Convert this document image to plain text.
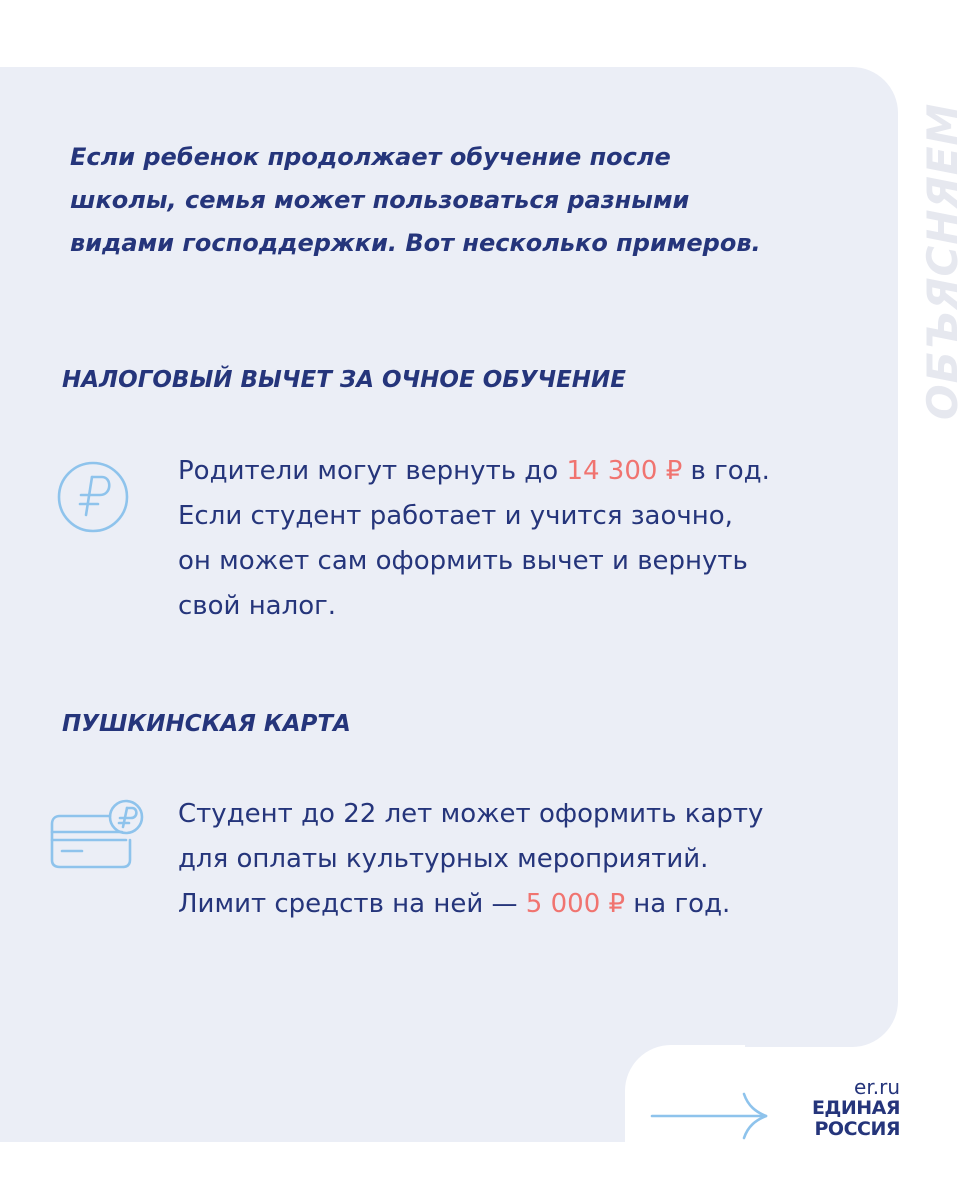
ОБЪЯСНЯЕМ
Если ребенок продолжает обучение после
школы, семья может пользоваться разными
видами господдержки. Вот несколько примеров.
НАЛОГОВЫЙ ВЫЧЕТ ЗА ОЧНОЕ ОБУЧЕНИЕ
Родители могут вернуть до 14 300 ₽ в год.
Если студент работает и учится заочно,
он может сам оформить вычет и вернуть
свой налог.
ПУШКИНСКАЯ КАРТА
Студент до 22 лет может оформить карту
для оплаты культурных мероприятий.
Лимит средств на ней — 5 000 ₽ на год.
er.ru
ЕДИНАЯ
РОССИЯ
